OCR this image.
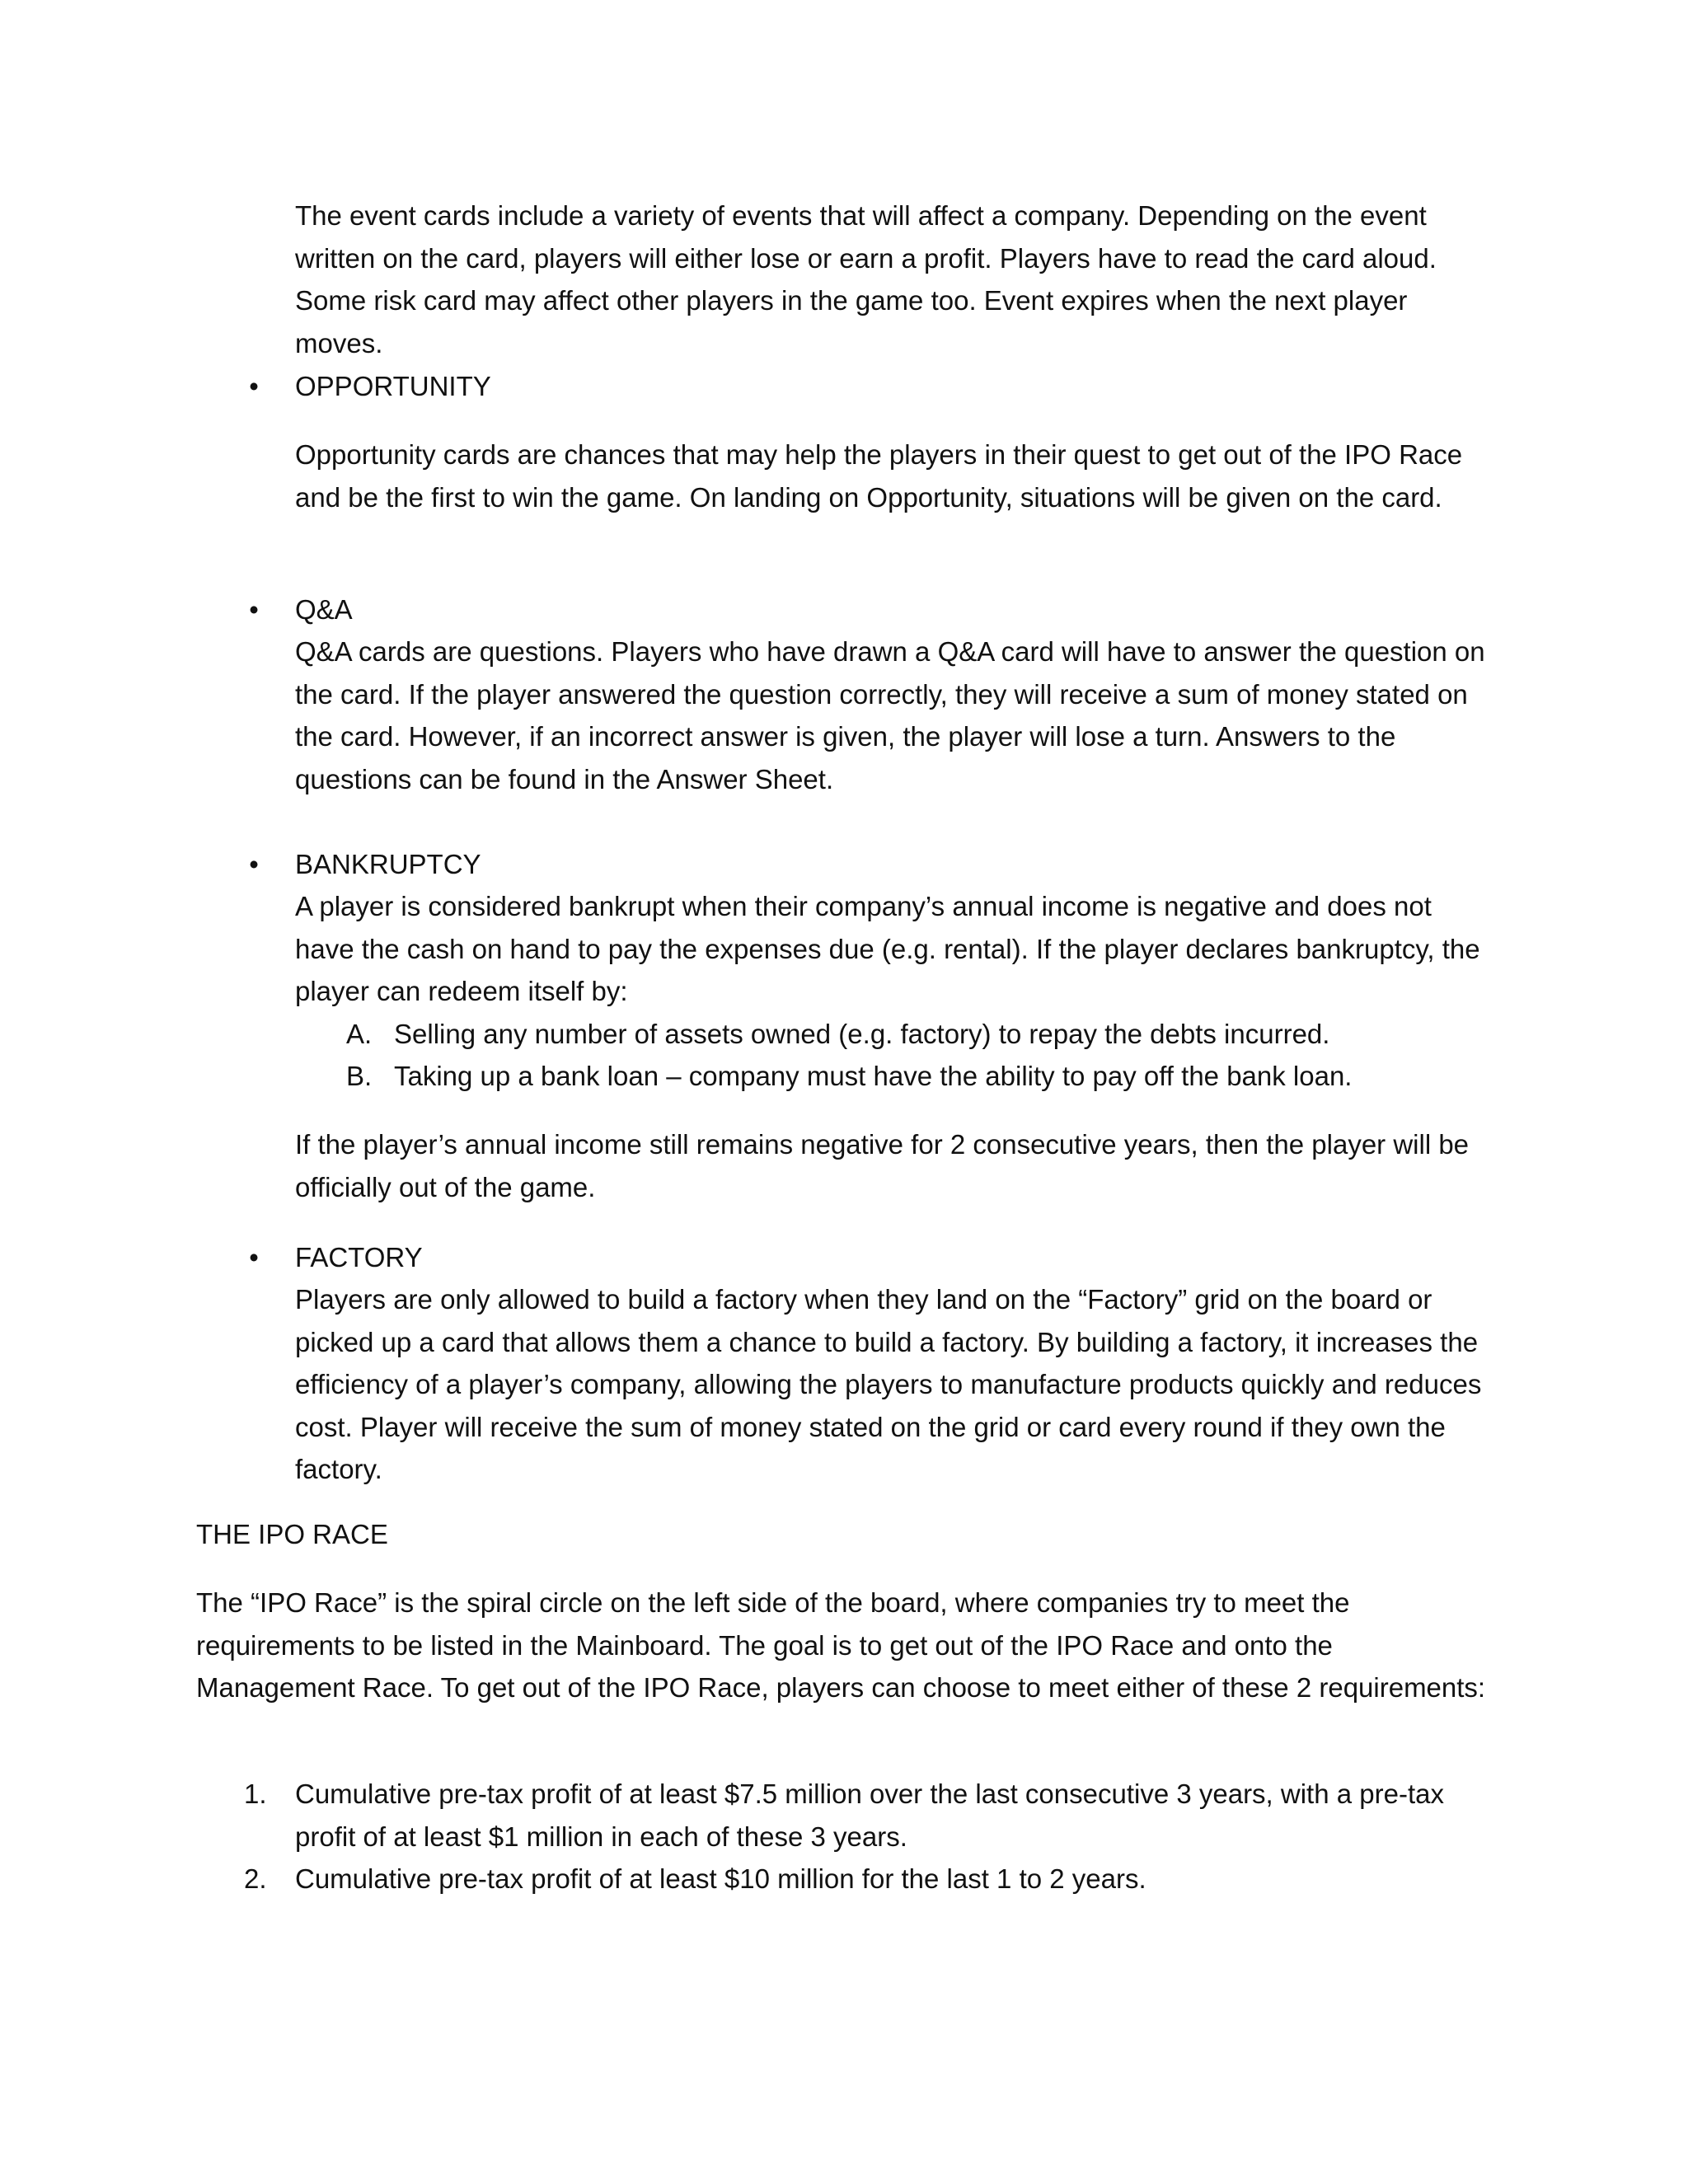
The event cards include a variety of events that will affect a company. Depending on the event written on the card, players will either lose or earn a profit. Players have to read the card aloud. Some risk card may affect other players in the game too. Event expires when the next player moves.

• OPPORTUNITY

Opportunity cards are chances that may help the players in their quest to get out of the IPO Race and be the first to win the game. On landing on Opportunity, situations will be given on the card.

• Q&A

Q&A cards are questions. Players who have drawn a Q&A card will have to answer the question on the card. If the player answered the question correctly, they will receive a sum of money stated on the card. However, if an incorrect answer is given, the player will lose a turn. Answers to the questions can be found in the Answer Sheet.

• BANKRUPTCY

A player is considered bankrupt when their company’s annual income is negative and does not have the cash on hand to pay the expenses due (e.g. rental). If the player declares bankruptcy, the player can redeem itself by:

A. Selling any number of assets owned (e.g. factory) to repay the debts incurred.

B. Taking up a bank loan – company must have the ability to pay off the bank loan.

If the player’s annual income still remains negative for 2 consecutive years, then the player will be officially out of the game.

• FACTORY

Players are only allowed to build a factory when they land on the “Factory” grid on the board or picked up a card that allows them a chance to build a factory. By building a factory, it increases the efficiency of a player’s company, allowing the players to manufacture products quickly and reduces cost. Player will receive the sum of money stated on the grid or card every round if they own the factory.

THE IPO RACE

The “IPO Race” is the spiral circle on the left side of the board, where companies try to meet the requirements to be listed in the Mainboard. The goal is to get out of the IPO Race and onto the Management Race. To get out of the IPO Race, players can choose to meet either of these 2 requirements:

1. Cumulative pre-tax profit of at least $7.5 million over the last consecutive 3 years, with a pre-tax profit of at least $1 million in each of these 3 years.

2. Cumulative pre-tax profit of at least $10 million for the last 1 to 2 years.
